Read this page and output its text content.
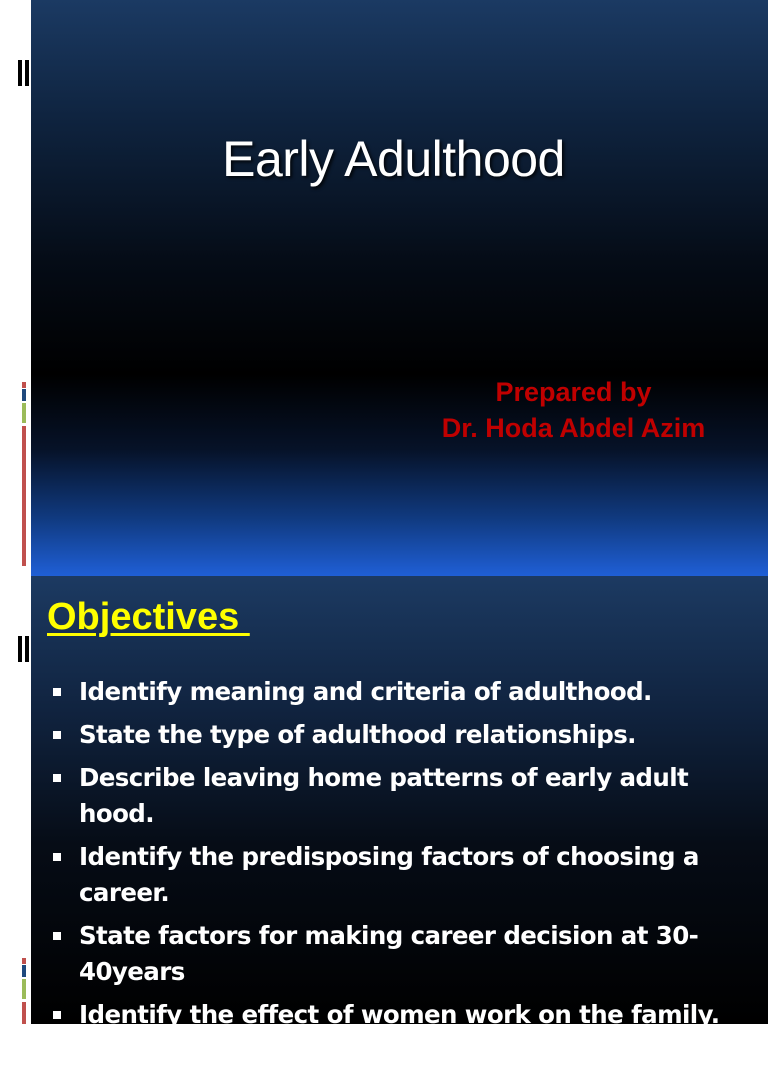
Early Adulthood
Prepared by
Dr. Hoda Abdel Azim
Objectives
Identify meaning and criteria of adulthood.
State the type of adulthood relationships.
Describe leaving home patterns of early adult hood.
Identify the predisposing factors of choosing a career.
State factors for making career decision at 30-40years
Identify the effect of women work on the family.
Summarize developmental tasks of early
